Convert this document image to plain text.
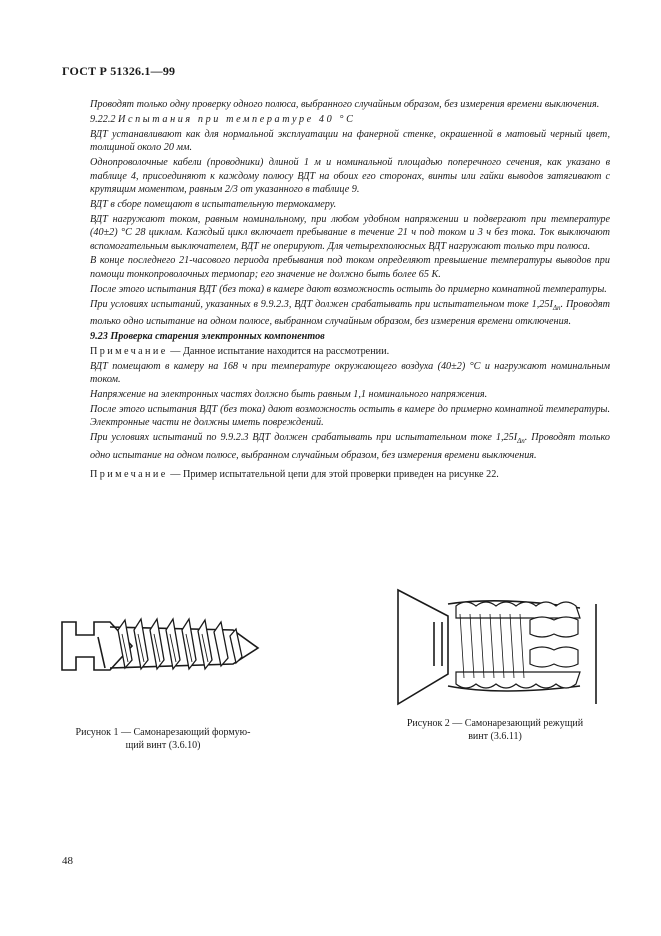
ГОСТ Р 51326.1—99

Проводят только одну проверку одного полюса, выбранного случайным образом, без измерения времени выключения.

9.22.2 Испытания при температуре 40 °С

ВДТ устанавливают как для нормальной эксплуатации на фанерной стенке, окрашенной в матовый черный цвет, толщиной около 20 мм.

Однопроволочные кабели (проводники) длиной 1 м и номинальной площадью поперечного сечения, как указано в таблице 4, присоединяют к каждому полюсу ВДТ на обоих его сторонах, винты или гайки выводов затягивают с крутящим моментом, равным 2/3 от указанного в таблице 9.

ВДТ в сборе помещают в испытательную термокамеру.

ВДТ нагружают током, равным номинальному, при любом удобном напряжении и подвергают при температуре (40±2) °С 28 циклам. Каждый цикл включает пребывание в течение 21 ч под током и 3 ч без тока. Ток выключают вспомогательным выключателем, ВДТ не оперируют. Для четырехполюсных ВДТ нагружают только три полюса.

В конце последнего 21-часового периода пребывания под током определяют превышение температуры выводов при помощи тонкопроволочных термопар; его значение не должно быть более 65 К.

После этого испытания ВДТ (без тока) в камере дают возможность остыть до примерно комнатной температуры.

При условиях испытаний, указанных в 9.9.2.3, ВДТ должен срабатывать при испытательном токе $1,25I_{\Delta n}$. Проводят только одно испытание на одном полюсе, выбранном случайным образом, без измерения времени отключения.

9.23 Проверка старения электронных компонентов

Примечание — Данное испытание находится на рассмотрении.

ВДТ помещают в камеру на 168 ч при температуре окружающего воздуха (40±2) °С и нагружают номинальным током.

Напряжение на электронных частях должно быть равным 1,1 номинального напряжения.

После этого испытания ВДТ (без тока) дают возможность остыть в камере до примерно комнатной температуры. Электронные части не должны иметь повреждений.

При условиях испытаний по 9.9.2.3 ВДТ должен срабатывать при испытательном токе $1,25I_{\Delta n}$. Проводят только одно испытание на одном полюсе, выбранном случайным образом, без измерения времени выключения.

Примечание — Пример испытательной цепи для этой проверки приведен на рисунке 22.

Рисунок 1 — Самонарезающий формую-
щий винт (3.6.10)
Рисунок 2 — Самонарезающий режущий
винт (3.6.11)
48
